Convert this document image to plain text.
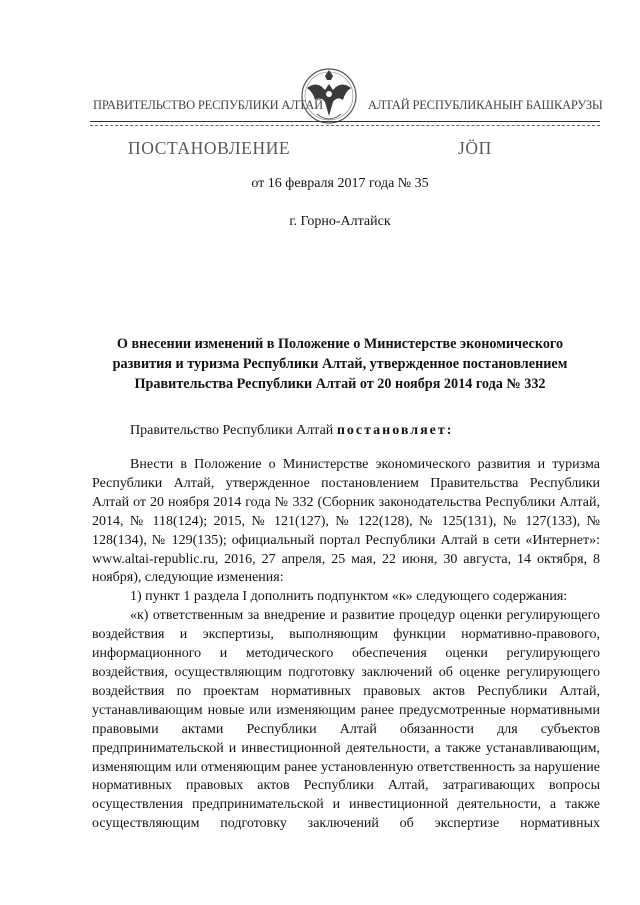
ПРАВИТЕЛЬСТВО РЕСПУБЛИКИ АЛТАЙ	АЛТАЙ РЕСПУБЛИКАНЫҤ БАШКАРУЗЫ
ПОСТАНОВЛЕНИЕ	JÖП
от 16 февраля 2017 года № 35
г. Горно-Алтайск
О внесении изменений в Положение о Министерстве экономического
развития и туризма Республики Алтай, утвержденное постановлением
Правительства Республики Алтай от 20 ноября 2014 года № 332
Правительство Республики Алтай постановляет:

Внести в Положение о Министерстве экономического развития и туризма Республики Алтай, утвержденное постановлением Правительства Республики Алтай от 20 ноября 2014 года № 332 (Сборник законодательства Республики Алтай, 2014, № 118(124); 2015, № 121(127), № 122(128), № 125(131), № 127(133), № 128(134), № 129(135); официальный портал Республики Алтай в сети «Интернет»: www.altai-republic.ru, 2016, 27 апреля, 25 мая, 22 июня, 30 августа, 14 октября, 8 ноября), следующие изменения:

1) пункт 1 раздела I дополнить подпунктом «к» следующего содержания:

«к) ответственным за внедрение и развитие процедур оценки регулирующего воздействия и экспертизы, выполняющим функции нормативно-правового, информационного и методического обеспечения оценки регулирующего воздействия, осуществляющим подготовку заключений об оценке регулирующего воздействия по проектам нормативных правовых актов Республики Алтай, устанавливающим новые или изменяющим ранее предусмотренные нормативными правовыми актами Республики Алтай обязанности для субъектов предпринимательской и инвестиционной деятельности, а также устанавливающим, изменяющим или отменяющим ранее установленную ответственность за нарушение нормативных правовых актов Республики Алтай, затрагивающих вопросы осуществления предпринимательской и инвестиционной деятельности, а также осуществляющим подготовку заключений об экспертизе нормативных
